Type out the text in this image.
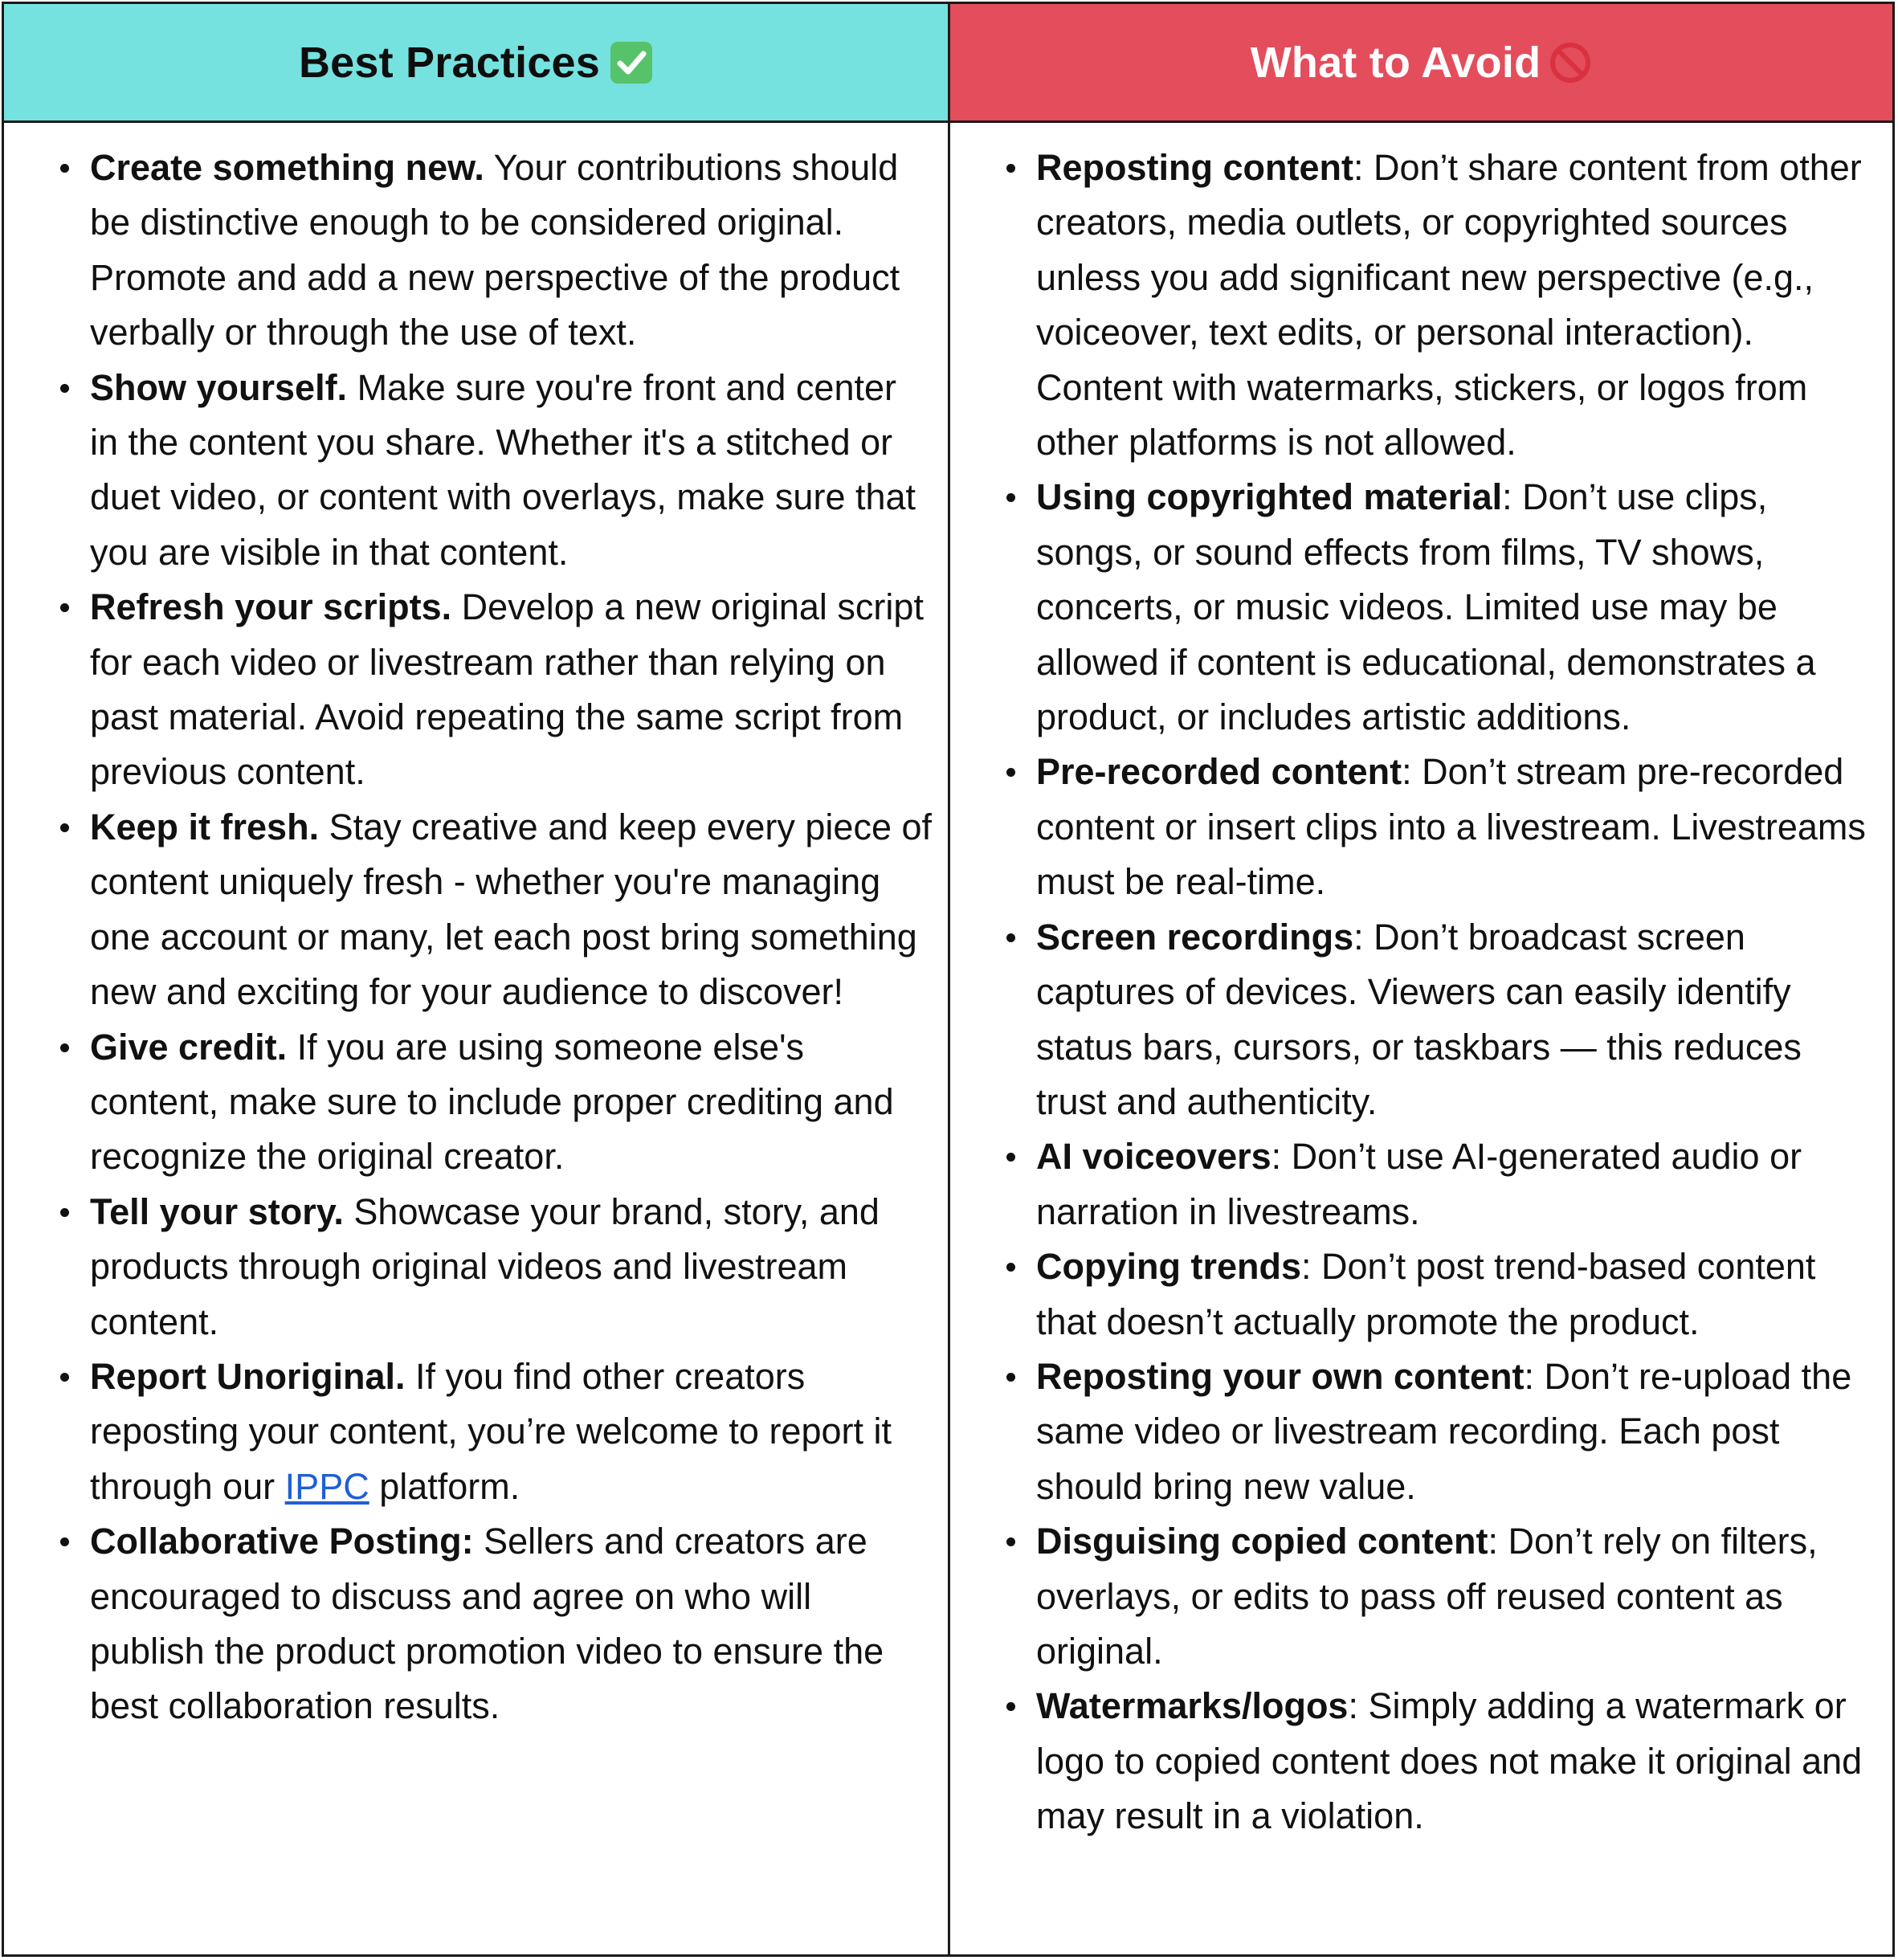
Best Practices	What to Avoid
Create something new. Your contributions should be distinctive enough to be considered original. Promote and add a new perspective of the product verbally or through the use of text.
Show yourself. Make sure you're front and center in the content you share. Whether it's a stitched or duet video, or content with overlays, make sure that you are visible in that content.
Refresh your scripts. Develop a new original script for each video or livestream rather than relying on past material. Avoid repeating the same script from previous content.
Keep it fresh. Stay creative and keep every piece of content uniquely fresh - whether you're managing one account or many, let each post bring something new and exciting for your audience to discover!
Give credit. If you are using someone else's content, make sure to include proper crediting and recognize the original creator.
Tell your story. Showcase your brand, story, and products through original videos and livestream content.
Report Unoriginal. If you find other creators reposting your content, you’re welcome to report it through our IPPC platform.
Collaborative Posting: Sellers and creators are encouraged to discuss and agree on who will publish the product promotion video to ensure the best collaboration results.
Reposting content: Don’t share content from other creators, media outlets, or copyrighted sources unless you add significant new perspective (e.g., voiceover, text edits, or personal interaction). Content with watermarks, stickers, or logos from other platforms is not allowed.
Using copyrighted material: Don’t use clips, songs, or sound effects from films, TV shows, concerts, or music videos. Limited use may be allowed if content is educational, demonstrates a product, or includes artistic additions.
Pre-recorded content: Don’t stream pre-recorded content or insert clips into a livestream. Livestreams must be real-time.
Screen recordings: Don’t broadcast screen captures of devices. Viewers can easily identify status bars, cursors, or taskbars — this reduces trust and authenticity.
AI voiceovers: Don’t use AI-generated audio or narration in livestreams.
Copying trends: Don’t post trend-based content that doesn’t actually promote the product.
Reposting your own content: Don’t re-upload the same video or livestream recording. Each post should bring new value.
Disguising copied content: Don’t rely on filters, overlays, or edits to pass off reused content as original.
Watermarks/logos: Simply adding a watermark or logo to copied content does not make it original and may result in a violation.
